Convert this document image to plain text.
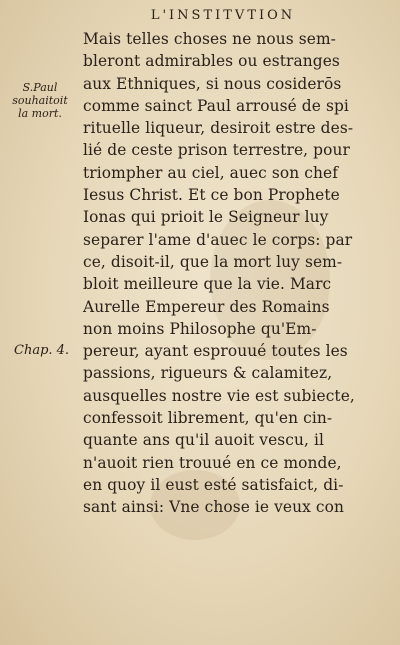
L'INSTITVTION
S.Paul
souhaitoit
la mort.
Chap. 4.
Mais telles choses ne nous sem-
bleront admirables ou estranges
aux Ethniques, si nous cosiderōs
comme sainct Paul arrousé de spi
rituelle liqueur, desiroit estre des-
lié de ceste prison terrestre, pour
triompher au ciel, auec son chef
Iesus Christ. Et ce bon Prophete
Ionas qui prioit le Seigneur luy
separer l'ame d'auec le corps: par
ce, disoit-il, que la mort luy sem-
bloit meilleure que la vie. Marc
Aurelle Empereur des Romains
non moins Philosophe qu'Em-
pereur, ayant esprouué toutes les
passions, rigueurs & calamitez,
ausquelles nostre vie est subiecte,
confessoit librement, qu'en cin-
quante ans qu'il auoit vescu, il
n'auoit rien trouué en ce monde,
en quoy il eust esté satisfaict, di-
sant ainsi: Vne chose ie veux con
